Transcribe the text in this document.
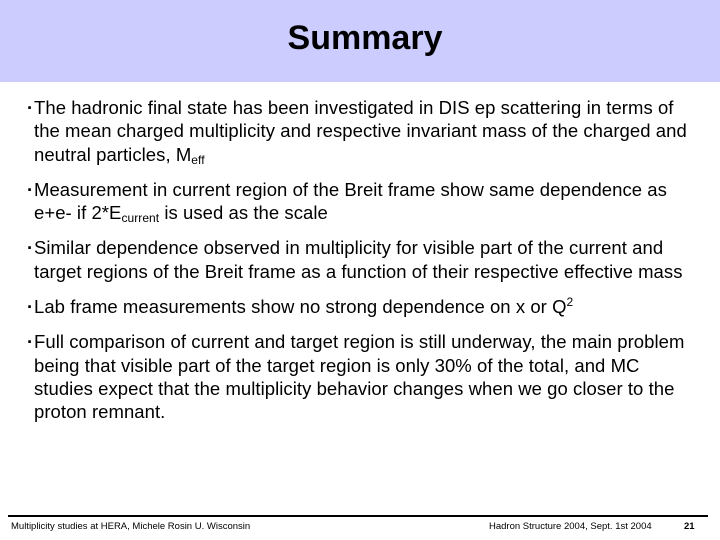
Summary
· The hadronic final state has been investigated in DIS ep scattering in terms of the mean charged multiplicity and respective invariant mass of the charged and neutral particles, $M_{eff}$
· Measurement in current region of the Breit frame show same dependence as e+e- if $2*E_{current}$ is used as the scale
· Similar dependence observed in multiplicity for visible part of the current and target regions of the Breit frame as a function of their respective effective mass
· Lab frame measurements show no strong dependence on x or $Q^2$
· Full comparison of current and target region is still underway, the main problem being that visible part of the target region is only 30% of the total, and MC studies expect that the multiplicity behavior changes when we go closer to the proton remnant.
Multiplicity studies at HERA, Michele Rosin U. Wisconsin	Hadron Structure 2004, Sept. 1st 2004	21
